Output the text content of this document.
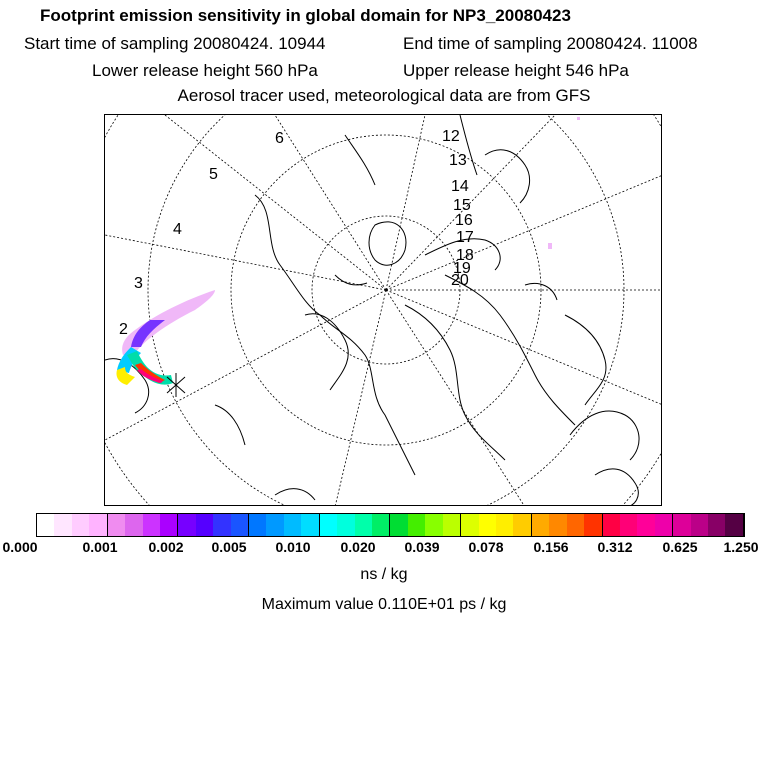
Footprint emission sensitivity in global domain for NP3_20080423
Start time of sampling 20080424. 10944	End time of sampling 20080424. 11008
Lower release height 560 hPa	Upper release height 546 hPa
Aerosol tracer used, meteorological data are from GFS
2
3
4
5
6	12
13
14
15
16
17
18
19
20
0.000	0.001 0.002 0.005 0.010 0.020 0.039 0.078 0.156 0.312 0.625 1.250
ns / kg
Maximum value 0.110E+01 ps / kg
